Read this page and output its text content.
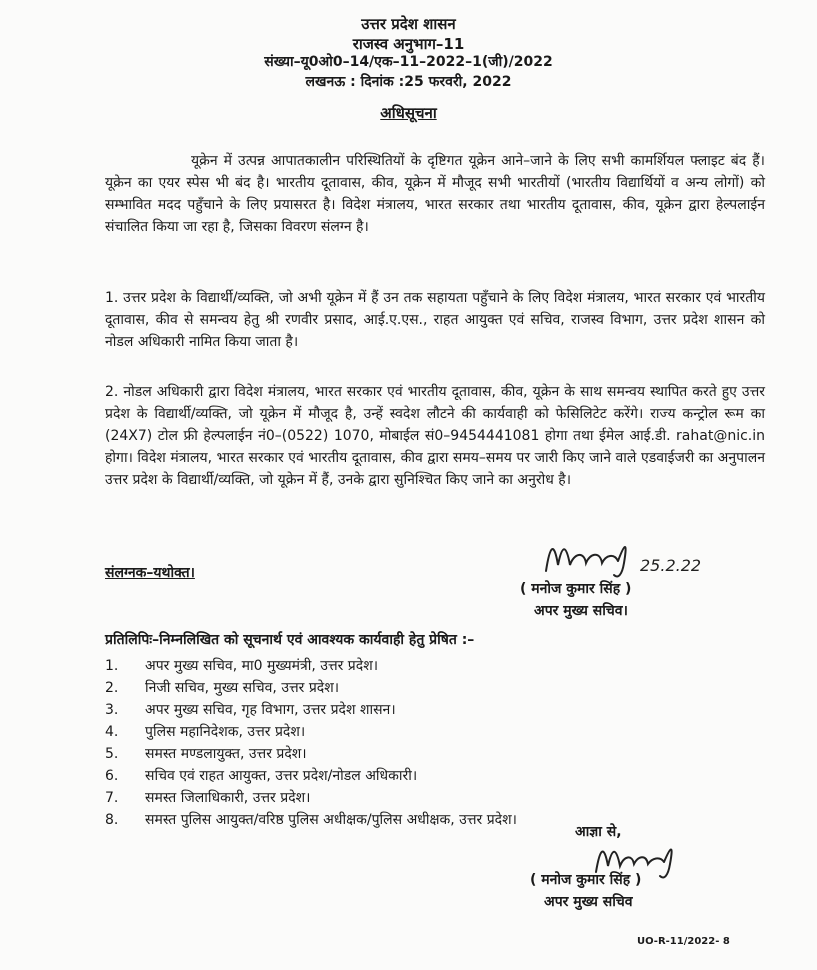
उत्तर प्रदेश शासन
राजस्व अनुभाग–11
संख्या–यू0ओ0–14/एक–11–2022–1(जी)/2022
लखनऊ : दिनांक :25 फरवरी, 2022
अधिसूचना
यूक्रेन में उत्पन्न आपातकालीन परिस्थितियों के दृष्टिगत यूक्रेन आने–जाने के लिए सभी कामर्शियल फ्लाइट बंद हैं। यूक्रेन का एयर स्पेस भी बंद है। भारतीय दूतावास, कीव, यूक्रेन में मौजूद सभी भारतीयों (भारतीय विद्यार्थियों व अन्य लोगों) को सम्भावित मदद पहुँचाने के लिए प्रयासरत है। विदेश मंत्रालय, भारत सरकार तथा भारतीय दूतावास, कीव, यूक्रेन द्वारा हेल्पलाईन संचालित किया जा रहा है, जिसका विवरण संलग्न है।
1. उत्तर प्रदेश के विद्यार्थी/व्यक्ति, जो अभी यूक्रेन में हैं उन तक सहायता पहुँचाने के लिए विदेश मंत्रालय, भारत सरकार एवं भारतीय दूतावास, कीव से समन्वय हेतु श्री रणवीर प्रसाद, आई.ए.एस., राहत आयुक्त एवं सचिव, राजस्व विभाग, उत्तर प्रदेश शासन को नोडल अधिकारी नामित किया जाता है।
2. नोडल अधिकारी द्वारा विदेश मंत्रालय, भारत सरकार एवं भारतीय दूतावास, कीव, यूक्रेन के साथ समन्वय स्थापित करते हुए उत्तर प्रदेश के विद्यार्थी/व्यक्ति, जो यूक्रेन में मौजूद है, उन्हें स्वदेश लौटने की कार्यवाही को फेसिलिटेट करेंगे। राज्य कन्ट्रोल रूम का (24X7) टोल फ्री हेल्पलाईन नं0–(0522) 1070, मोबाईल सं0–9454441081 होगा तथा ईमेल आई.डी. rahat@nic.in होगा। विदेश मंत्रालय, भारत सरकार एवं भारतीय दूतावास, कीव द्वारा समय–समय पर जारी किए जाने वाले एडवाईजरी का अनुपालन उत्तर प्रदेश के विद्यार्थी/व्यक्ति, जो यूक्रेन में हैं, उनके द्वारा सुनिश्चित किए जाने का अनुरोध है।
संलग्नक–यथोक्त।	25.2.22
( मनोज कुमार सिंह )
अपर मुख्य सचिव।
प्रतिलिपिः–निम्नलिखित को सूचनार्थ एवं आवश्यक कार्यवाही हेतु प्रेषित :–
1. अपर मुख्य सचिव, मा0 मुख्यमंत्री, उत्तर प्रदेश।
2. निजी सचिव, मुख्य सचिव, उत्तर प्रदेश।
3. अपर मुख्य सचिव, गृह विभाग, उत्तर प्रदेश शासन।
4. पुलिस महानिदेशक, उत्तर प्रदेश।
5. समस्त मण्डलायुक्त, उत्तर प्रदेश।
6. सचिव एवं राहत आयुक्त, उत्तर प्रदेश/नोडल अधिकारी।
7. समस्त जिलाधिकारी, उत्तर प्रदेश।
8. समस्त पुलिस आयुक्त/वरिष्ठ पुलिस अधीक्षक/पुलिस अधीक्षक, उत्तर प्रदेश।
आज्ञा से,
( मनोज कुमार सिंह )
अपर मुख्य सचिव
UO-R-11/2022- 8
